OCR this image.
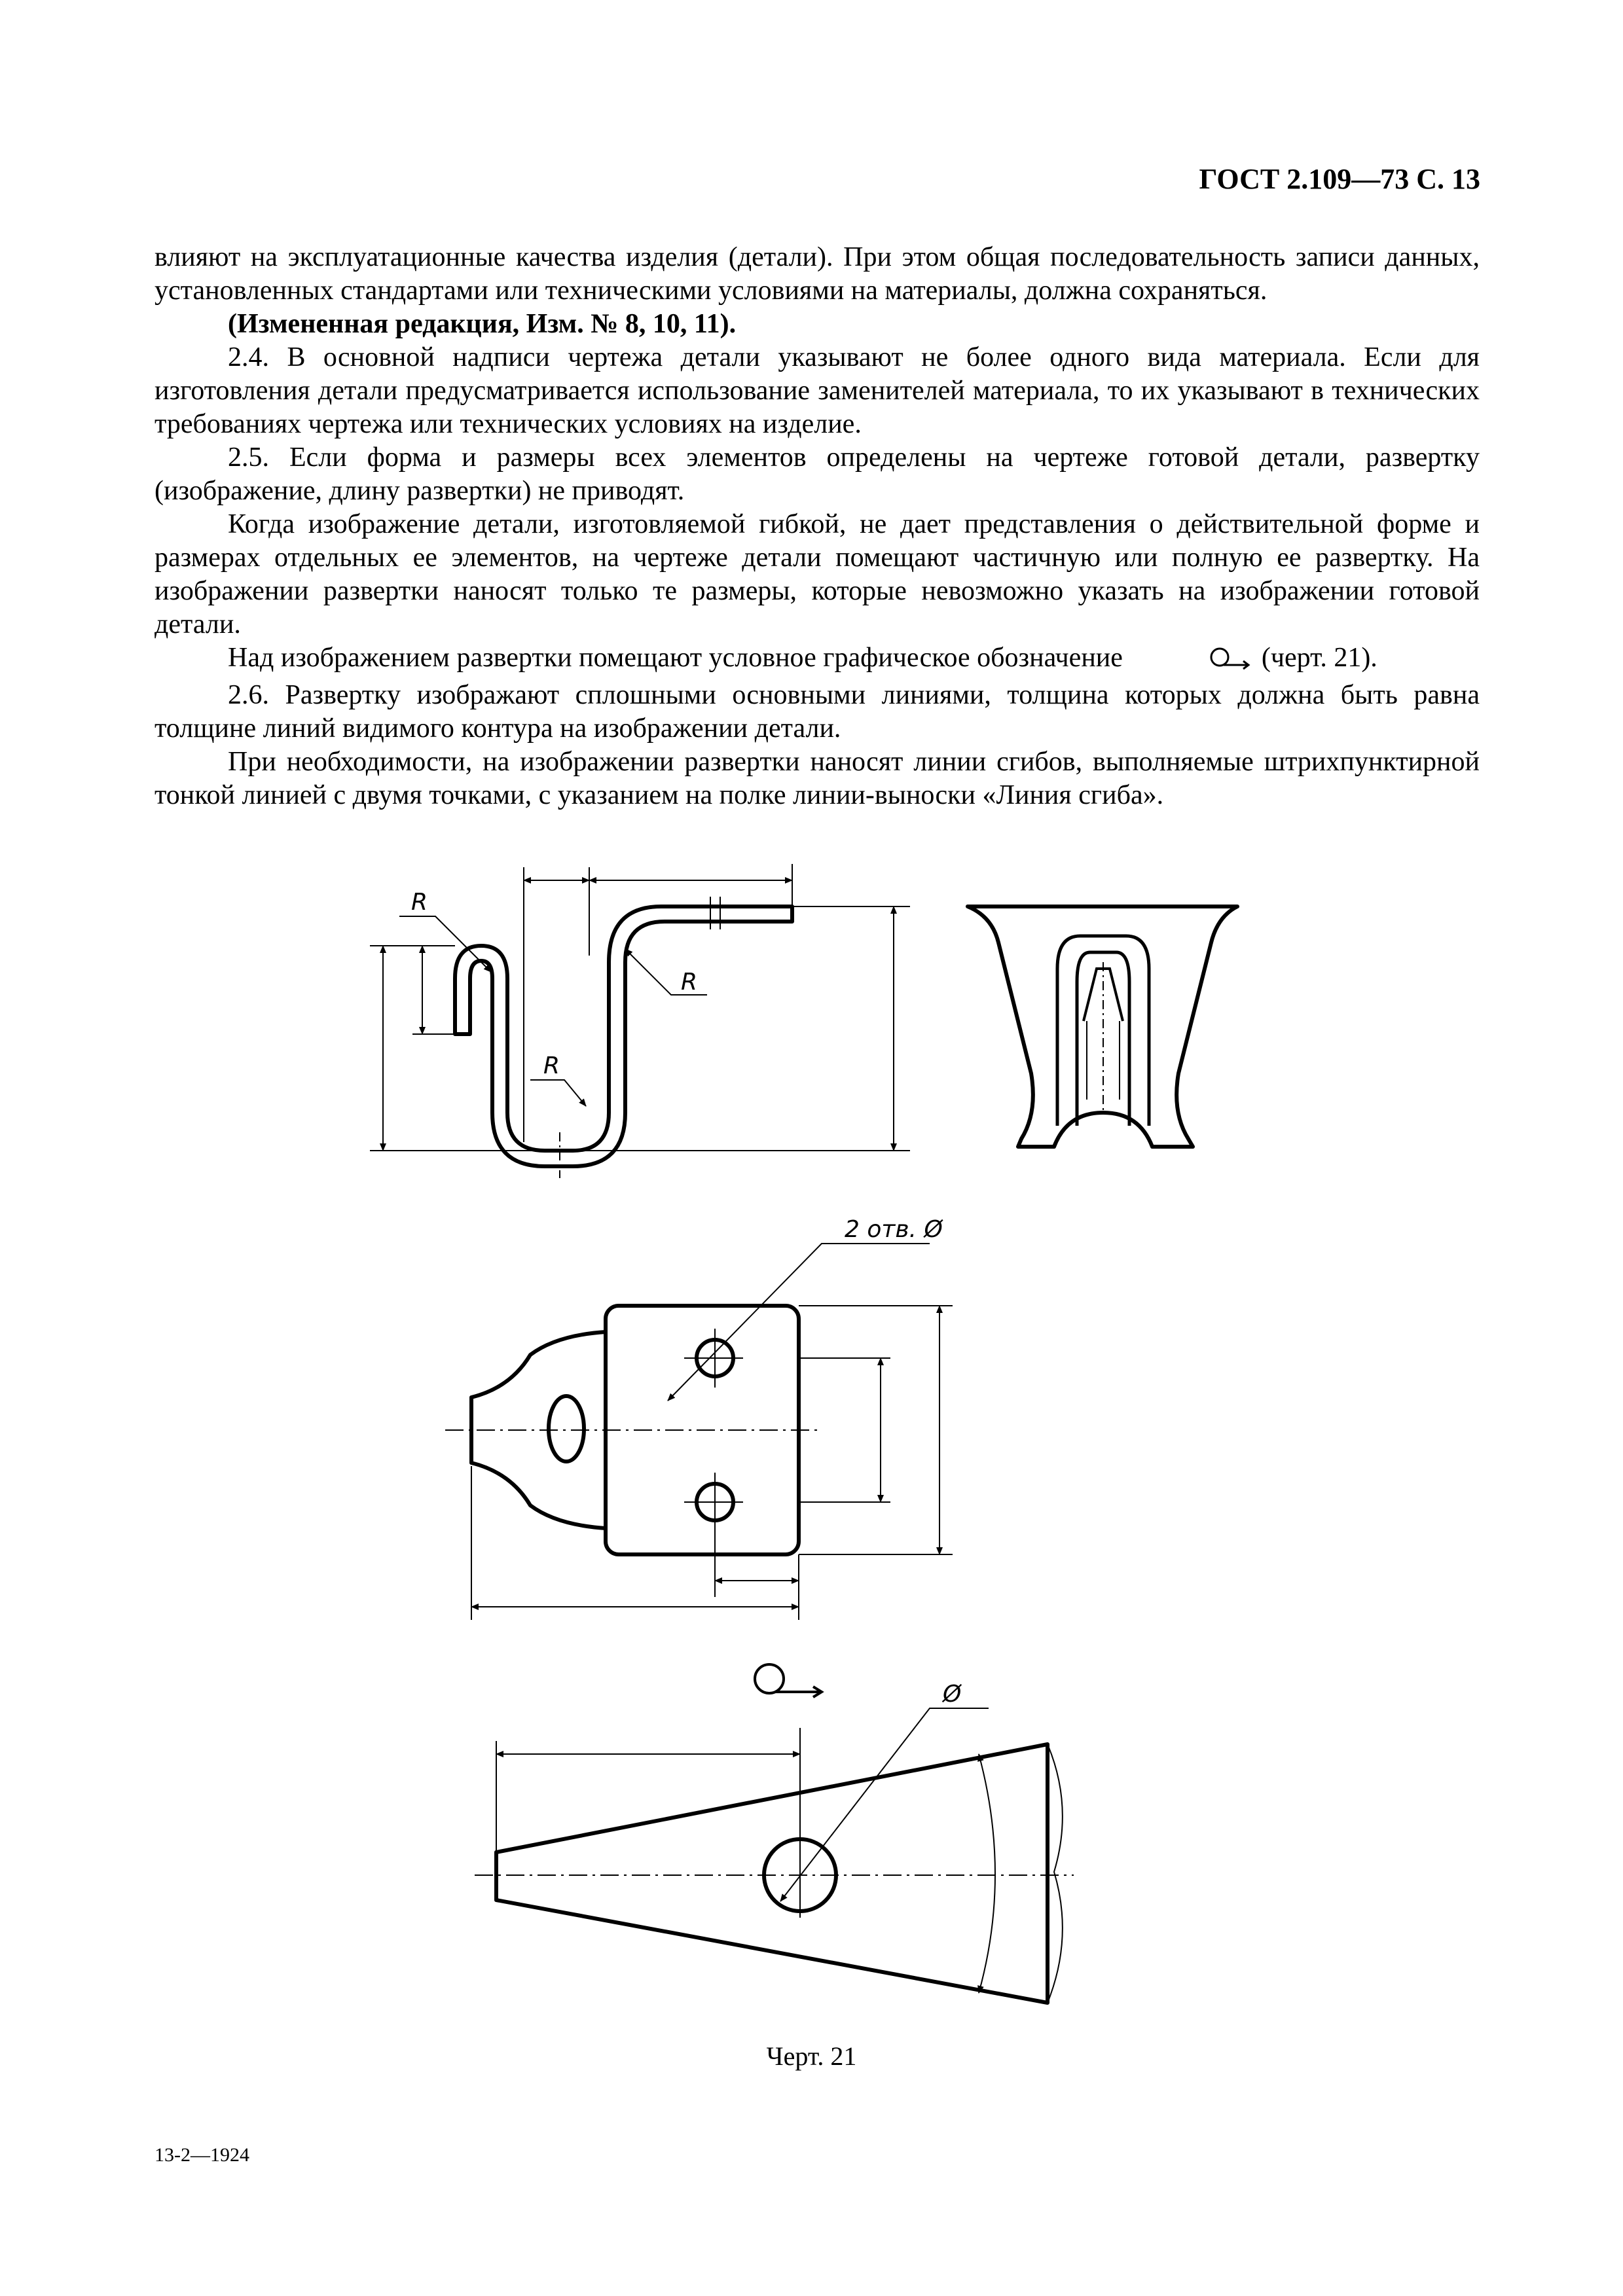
ГОСТ 2.109—73 С. 13

влияют на эксплуатационные качества изделия (детали). При этом общая последовательность записи данных, установленных стандартами или техническими условиями на материалы, должна сохраняться.

(Измененная редакция, Изм. № 8, 10, 11).

2.4. В основной надписи чертежа детали указывают не более одного вида материала. Если для изготовления детали предусматривается использование заменителей материала, то их указывают в технических требованиях чертежа или технических условиях на изделие.

2.5. Если форма и размеры всех элементов определены на чертеже готовой детали, развертку (изображение, длину развертки) не приводят.

Когда изображение детали, изготовляемой гибкой, не дает представления о действительной форме и размерах отдельных ее элементов, на чертеже детали помещают частичную или полную ее развертку. На изображении развертки наносят только те размеры, которые невозможно указать на изображении готовой детали.

Над изображением развертки помещают условное графическое обозначение	(черт. 21).

2.6. Развертку изображают сплошными основными линиями, толщина которых должна быть равна толщине линий видимого контура на изображении детали.

При необходимости, на изображении развертки наносят линии сгибов, выполняемые штрихпунктирной тонкой линией с двумя точками, с указанием на полке линии-выноски «Линия сгиба».

R
R
R
2 отв. Ø
Ø
Черт. 21
13-2—1924
